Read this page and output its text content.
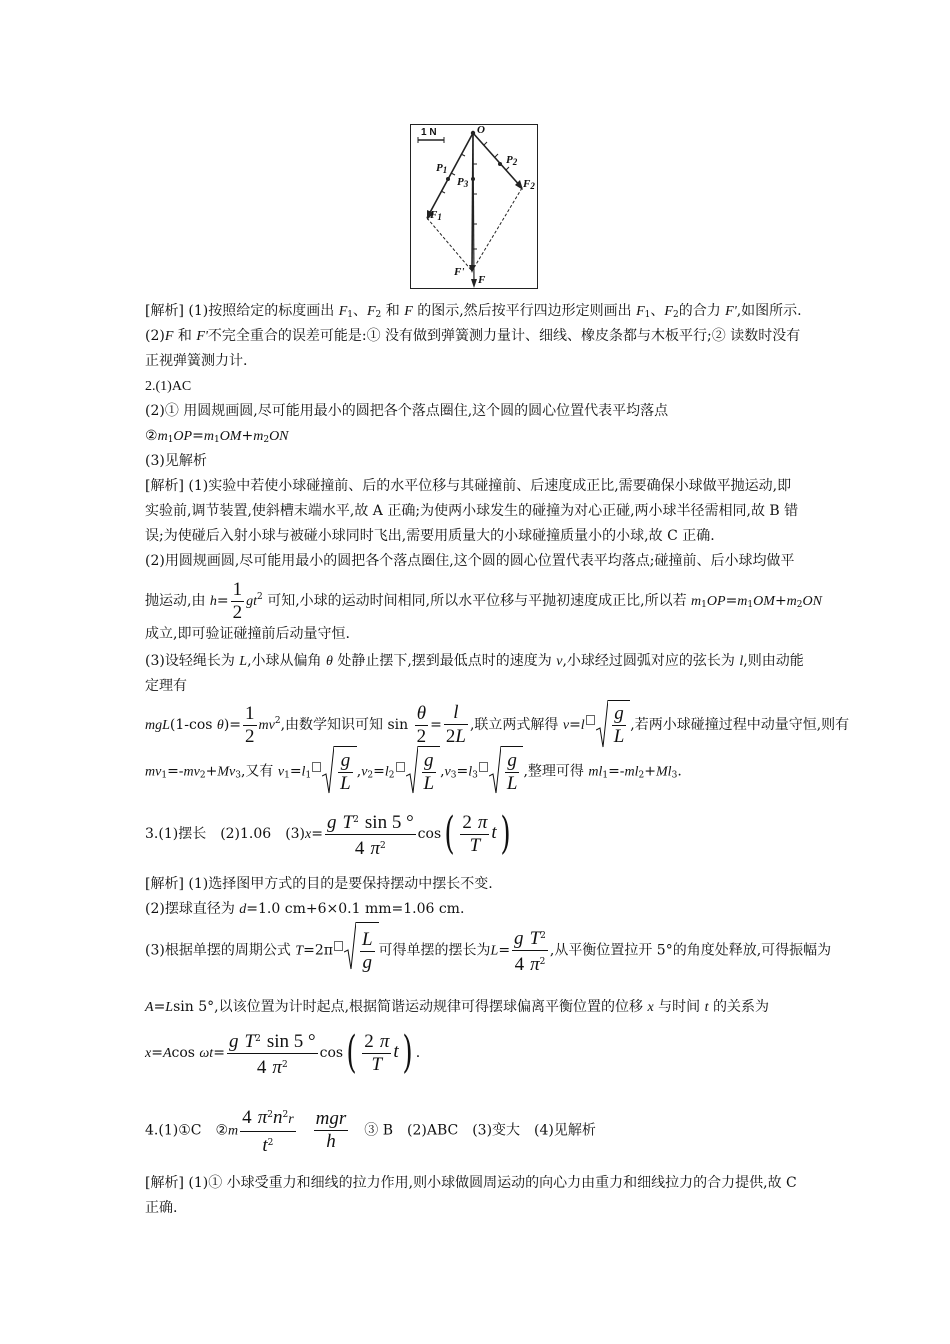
1 N	O
$P_1$
$P_2$
$P_3$
$F_1$
$F_2$
F'
F
[解析] (1)按照给定的标度画出 $F_1$、$F_2$ 和 F 的图示,然后按平行四边形定则画出 $F_1$、$F_2$的合力 F',如图所示.
(2)F 和 F'不完全重合的误差可能是:① 没有做到弹簧测力量计、细线、橡皮条都与木板平行;② 读数时没有
正视弹簧测力计.
2.(1)AC
(2)① 用圆规画圆,尽可能用最小的圆把各个落点圈住,这个圆的圆心位置代表平均落点
$②m_1OP=m_1OM+m_2ON$
(3)见解析
[解析] (1)实验中若使小球碰撞前、后的水平位移与其碰撞前、后速度成正比,需要确保小球做平抛运动,即
实验前,调节装置,使斜槽末端水平,故 A 正确;为使两小球发生的碰撞为对心正碰,两小球半径需相同,故 B 错
误;为使碰后入射小球与被碰小球同时飞出,需要用质量大的小球碰撞质量小的小球,故 C 正确.
(2)用圆规画圆,尽可能用最小的圆把各个落点圈住,这个圆的圆心位置代表平均落点;碰撞前、后小球均做平
抛运动,由 $h= \frac{1}{2} gt^2$ 可知,小球的运动时间相同,所以水平位移与平抛初速度成正比,所以若 $m_1OP=m_1OM+m_2ON$
成立,即可验证碰撞前后动量守恒.
(3)设轻绳长为 L,小球从偏角 θ 处静止摆下,摆到最低点时的速度为 v,小球经过圆弧对应的弦长为 l,则由动能
定理有
mgL(1-cos $\theta)= \frac{1}{2} mv^2$,由数学知识可知 $\sin \frac{\theta}{2} = \frac{l}{2L}$ ,联立两式解得 $v=l \frac{g}{L}$ ,若两小球碰撞过程中动量守恒,则有
$mv_1=-mv_2+Mv_3$,又有 $v_1=l_1 \frac{g}{L} ,v_2=l_2 \frac{g}{L} ,v_3=l_3 \frac{g}{L}$ ,整理可得 $ml_1=-ml_2+Ml_3$.
3.(1)摆长　(2)1.06　$(3)x= \frac{g T^2 \sin 5 ^\circ}{4 \pi^2} \cos( \frac{2 \pi}{T} t)$
[解析] (1)选择图甲方式的目的是要保持摆动中摆长不变.
(2)摆球直径为 d=1.0 cm+6×0.1 mm=1.06 cm.
(3)根据单摆的周期公式 $T=2\pi \frac{L}{g}$ 可得单摆的摆长为$L= \frac{g T^2}{4 \pi^2}$ ,从平衡位置拉开 5°的角度处释放,可得振幅为
A=Lsin 5°,以该位置为计时起点,根据简谐运动规律可得摆球偏离平衡位置的位移 x 与时间 t 的关系为
x=Acos $\omega t= \frac{g T^2 \sin 5 ^\circ}{4 \pi^2} \cos( \frac{2 \pi}{T} t)$ .
4.(1)①C　②m $\frac{4 \pi^2n^2r}{t^2}$
　 $\frac{\text{mgr}}{h}$
　 ③ B　(2)ABC　(3)变大　(4)见解析
[解析] (1)① 小球受重力和细线的拉力作用,则小球做圆周运动的向心力由重力和细线拉力的合力提供,故 C
正确.
